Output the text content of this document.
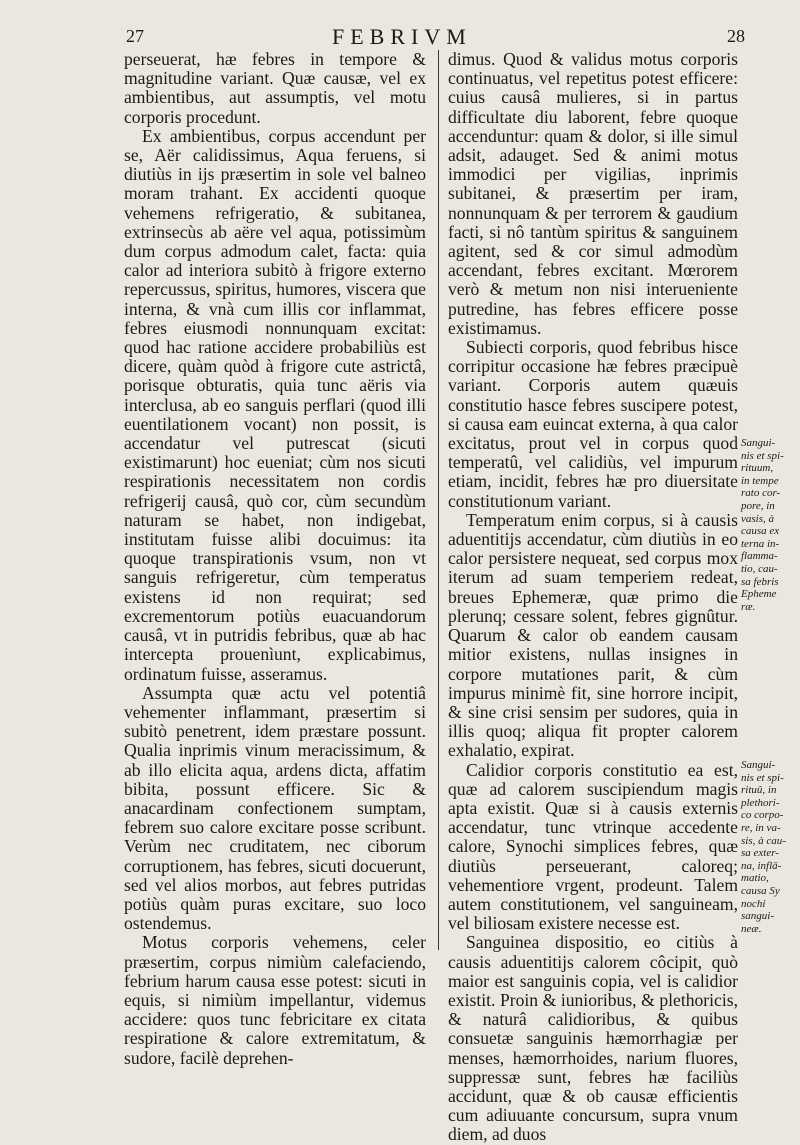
27	FEBRIVM	28

perseuerat, hæ febres in tempore & magnitudine variant. Quæ causæ, vel ex ambientibus, aut assumptis, vel motu corporis procedunt.

Ex ambientibus, corpus accendunt per se, Aër calidissimus, Aqua feruens, si diutiùs in ijs præsertim in sole vel balneo moram trahant. Ex accidenti quoque vehemens refrigeratio, & subitanea, extrinsecùs ab aëre vel aqua, potissimùm dum corpus admodum calet, facta: quia calor ad interiora subitò à frigore externo repercussus, spiritus, humores, viscera que interna, & vnà cum illis cor inflammat, febres eiusmodi nonnunquam excitat: quod hac ratione accidere probabiliùs est dicere, quàm quòd à frigore cute astrictâ, porisque obturatis, quia tunc aëris via interclusa, ab eo sanguis perflari (quod illi euentilationem vocant) non possit, is accendatur vel putrescat (sicuti existimarunt) hoc eueniat; cùm nos sicuti respirationis necessitatem non cordis refrigerij causâ, quò cor, cùm secundùm naturam se habet, non indigebat, institutam fuisse alibi docuimus: ita quoque transpirationis vsum, non vt sanguis refrigeretur, cùm temperatus existens id non requirat; sed excrementorum potiùs euacuandorum causâ, vt in putridis febribus, quæ ab hac intercepta prouenìunt, explicabimus, ordinatum fuisse, asseramus.

Assumpta quæ actu vel potentiâ vehementer inflammant, præsertim si subitò penetrent, idem præstare possunt. Qualia inprimis vinum meracissimum, & ab illo elicita aqua, ardens dicta, affatim bibita, possunt efficere. Sic & anacardinam confectionem sumptam, febrem suo calore excitare posse scribunt. Verùm nec cruditatem, nec ciborum corruptionem, has febres, sicuti docuerunt, sed vel alios morbos, aut febres putridas potiùs quàm puras excitare, suo loco ostendemus.

Motus corporis vehemens, celer præsertim, corpus nimiùm calefaciendo, febrium harum causa esse potest: sicuti in equis, si nimiùm impellantur, videmus accidere: quos tunc febricitare ex citata respiratione & calore extremitatum, & sudore, facilè deprehen-

dimus. Quod & validus motus corporis continuatus, vel repetitus potest efficere: cuius causâ mulieres, si in partus difficultate diu laborent, febre quoque accenduntur: quam & dolor, si ille simul adsit, adauget. Sed & animi motus immodici per vigilias, inprimis subitanei, & præsertim per iram, nonnunquam & per terrorem & gaudium facti, si nô tantùm spiritus & sanguinem agitent, sed & cor simul admodùm accendant, febres excitant. Mœrorem verò & metum non nisi interueniente putredine, has febres efficere posse existimamus.

Subiecti corporis, quod febribus hisce corripitur occasione hæ febres præcipuè variant. Corporis autem quæuis constitutio hasce febres suscipere potest, si causa eam euincat externa, à qua calor excitatus, prout vel in corpus quod temperatû, vel calidiùs, vel impurum etiam, incidit, febres hæ pro diuersitate constitutionum variant.

Temperatum enim corpus, si à causis aduentitijs accendatur, cùm diutiùs in eo calor persistere nequeat, sed corpus mox iterum ad suam temperiem redeat, breues Ephemeræ, quæ primo die plerunq; cessare solent, febres gignûtur. Quarum & calor ob eandem causam mitior existens, nullas insignes in corpore mutationes parit, & cùm impurus minimè fit, sine horrore incipit, & sine crisi sensim per sudores, quia in illis quoq; aliqua fit propter calorem exhalatio, expirat.

Calidior corporis constitutio ea est, quæ ad calorem suscipiendum magis apta existit. Quæ si à causis externis accendatur, tunc vtrinque accedente calore, Synochi simplices febres, quæ diutiùs perseuerant, caloreq; vehementiore vrgent, prodeunt. Talem autem constitutionem, vel sanguineam, vel biliosam existere necesse est.

Sanguinea dispositio, eo citiùs à causis aduentitijs calorem côcipit, quò maior est sanguinis copia, vel is calidior existit. Proin & iunioribus, & plethoricis, & naturâ calidioribus, & quibus consuetæ sanguinis hæmorrhagiæ per menses, hæmorrhoides, narium fluores, suppressæ sunt, febres hæ faciliùs accidunt, quæ & ob causæ efficientis cum adiuuante concursum, supra vnum diem, ad duos

Sangui-
nis et spi-
rituum,
in tempe
rato cor-
pore, in
vasis, à
causa ex
terna in-
flamma-
tio, cau-
sa febris
Epheme
ræ.
Sangui-
nis et spi-
rituû, in
plethori-
co corpo-
re, in va-
sis, à cau-
sa exter-
na, inflā-
matio,
causa Sy
nochi
sangui-
neæ.
